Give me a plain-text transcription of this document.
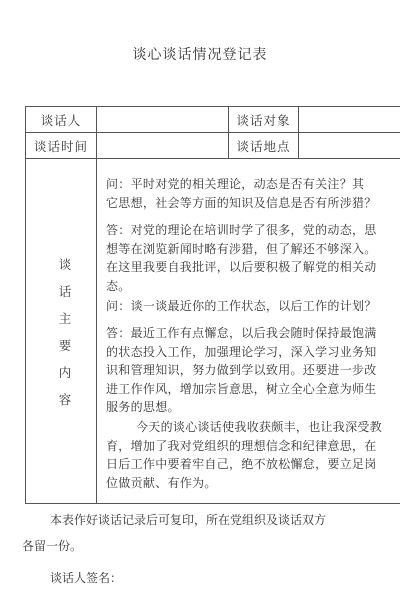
谈心谈话情况登记表
谈话人	谈话对象
谈话时间	谈话地点
谈
话
主
要
内
容
问：平时对党的相关理论，动态是否有关注？其
它思想，社会等方面的知识及信息是否有所涉猎？
答：对党的理论在培训时学了很多，党的动态，思
想等在浏览新闻时略有涉猎，但了解还不够深入。
在这里我要自我批评，以后要积极了解党的相关动
态。
问：谈一谈最近你的工作状态，以后工作的计划？
答：最近工作有点懈怠，以后我会随时保持最饱满
的状态投入工作，加强理论学习，深入学习业务知
识和管理知识，努力做到学以致用。还要进一步改
进工作作风，增加宗旨意思，树立全心全意为师生
服务的思想。
今天的谈心谈话使我收获颇丰，也让我深受教
育，增加了我对党组织的理想信念和纪律意思，在
日后工作中要着牢自己，绝不放松懈怠，要立足岗
位做贡献、有作为。
本表作好谈话记录后可复印，所在党组织及谈话双方
各留一份。
谈话人签名：
